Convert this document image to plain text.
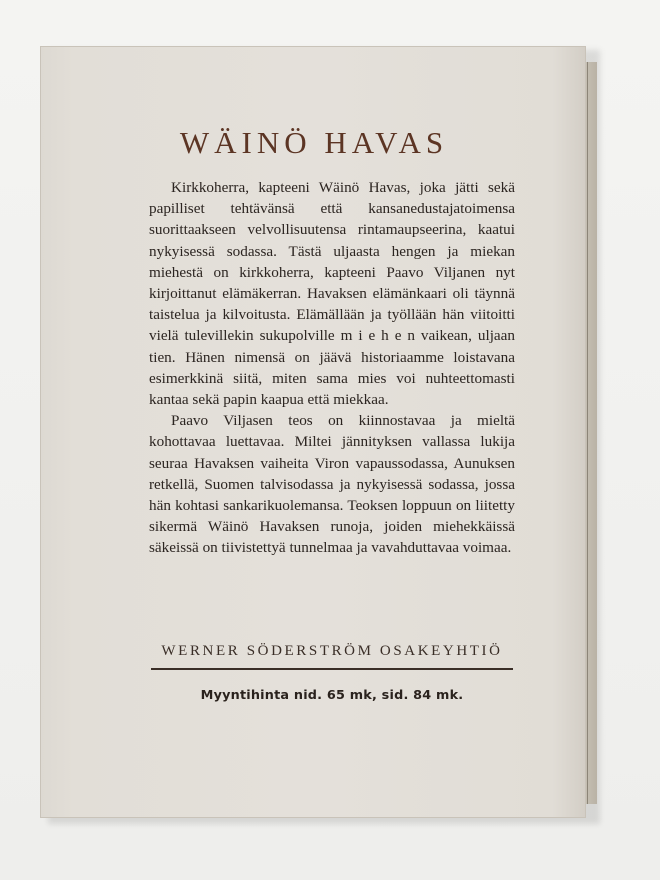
WÄINÖ HAVAS

Kirkkoherra, kapteeni Wäinö Havas, joka jätti sekä papilliset tehtävänsä että kansanedustajatoimensa suorittaakseen velvollisuutensa rintamaupseerina, kaatui nykyisessä sodassa. Tästä uljaasta hengen ja miekan miehestä on kirkkoherra, kapteeni Paavo Viljanen nyt kirjoittanut elämäkerran. Havaksen elämänkaari oli täynnä taistelua ja kilvoitusta. Elämällään ja työllään hän viitoitti vielä tulevillekin sukupolville m i e h e n vaikean, uljaan tien. Hänen nimensä on jäävä historiaamme loistavana esimerkkinä siitä, miten sama mies voi nuhteettomasti kantaa sekä papin kaapua että miekkaa.

Paavo Viljasen teos on kiinnostavaa ja mieltä kohottavaa luettavaa. Miltei jännityksen vallassa lukija seuraa Havaksen vaiheita Viron vapaussodassa, Aunuksen retkellä, Suomen talvisodassa ja nykyisessä sodassa, jossa hän kohtasi sankarikuolemansa. Teoksen loppuun on liitetty sikermä Wäinö Havaksen runoja, joiden miehekkäissä säkeissä on tiivistettyä tunnelmaa ja vavahduttavaa voimaa.

WERNER SÖDERSTRÖM OSAKEYHTIÖ
Myyntihinta nid. 65 mk, sid. 84 mk.
